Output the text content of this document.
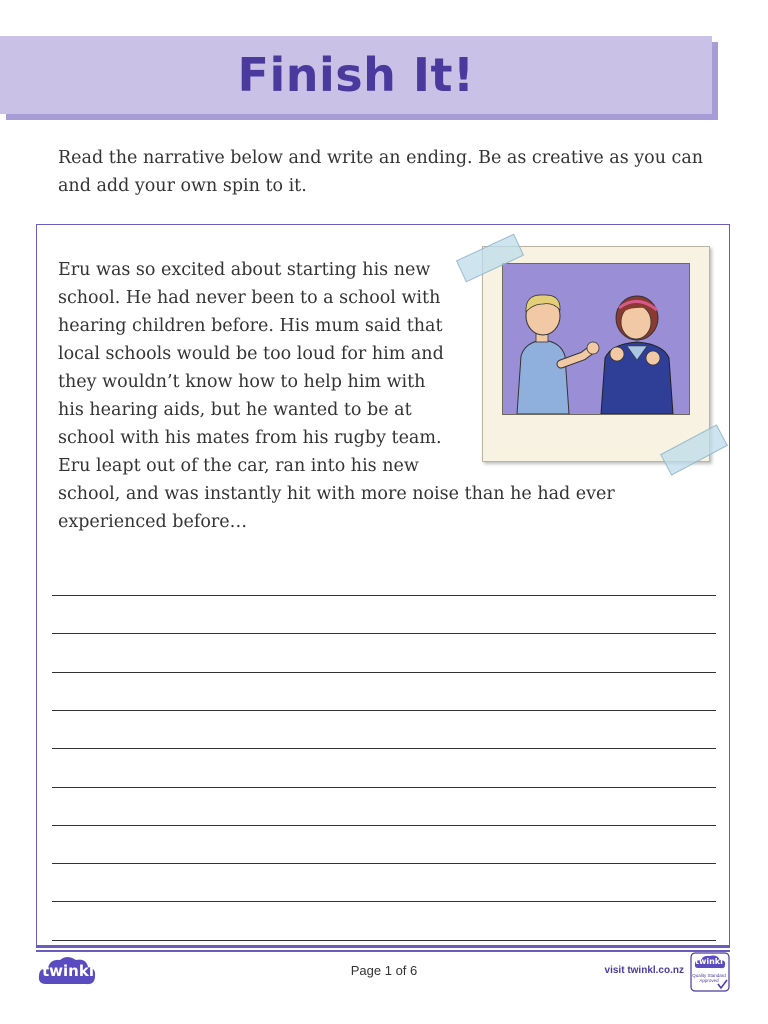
Finish It!
Read the narrative below and write an ending. Be as creative as you can and add your own spin to it.
Eru was so excited about starting his new school. He had never been to a school with hearing children before. His mum said that local schools would be too loud for him and they wouldn’t know how to help him with his hearing aids, but he wanted to be at school with his mates from his rugby team. Eru leapt out of the car, ran into his new school, and was instantly hit with more noise than he had ever experienced before…
twinkl	Page 1 of 6	visit twinkl.co.nz
twinkl
Quality Standard Approved
